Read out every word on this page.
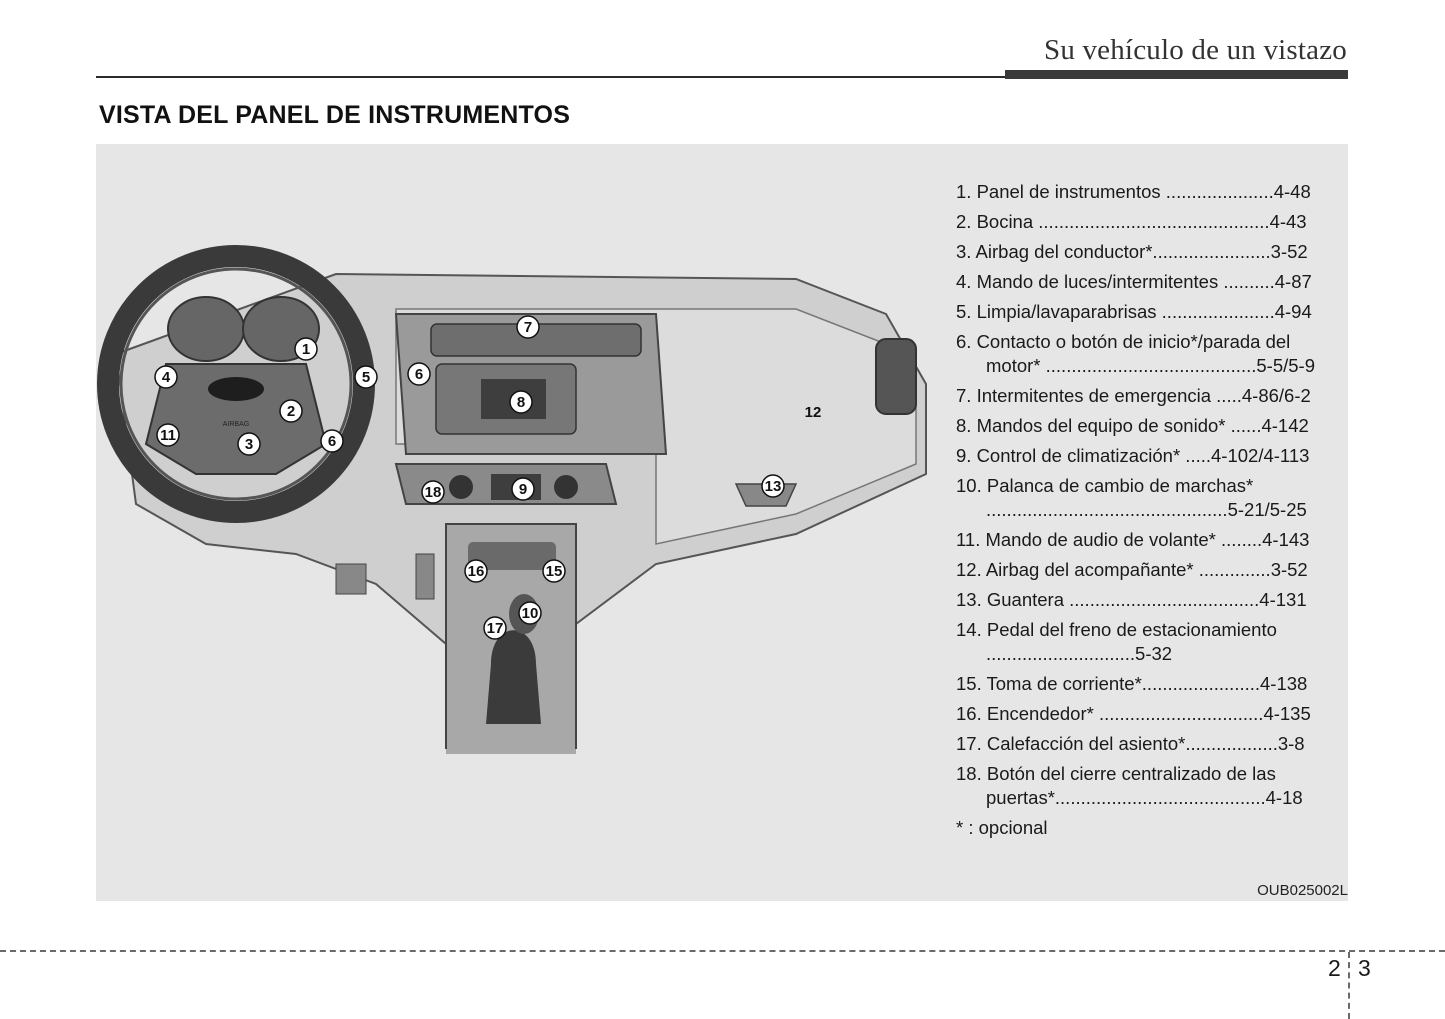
Su vehículo de un vistazo
VISTA DEL PANEL DE INSTRUMENTOS
AIRBAG
1
2
3
4	5	6
6
7
8
9
10
11
15
16
17
18
12
13
1. Panel de instrumentos .....................4-48
2. Bocina .............................................4-43
3. Airbag del conductor*.......................3-52
4. Mando de luces/intermitentes ..........4-87
5. Limpia/lavaparabrisas ......................4-94
6. Contacto o botón de inicio*/parada del motor* .........................................5-5/5-9
7. Intermitentes de emergencia .....4-86/6-2
8. Mandos del equipo de sonido* ......4-142
9. Control de climatización* .....4-102/4-113
10. Palanca de cambio de marchas* ...............................................5-21/5-25
11. Mando de audio de volante* ........4-143
12. Airbag del acompañante* ..............3-52
13. Guantera .....................................4-131
14. Pedal del freno de estacionamiento .............................5-32
15. Toma de corriente*.......................4-138
16. Encendedor* ................................4-135
17. Calefacción del asiento*..................3-8
18. Botón del cierre centralizado de las puertas*.........................................4-18
* : opcional
OUB025002L
2 3
